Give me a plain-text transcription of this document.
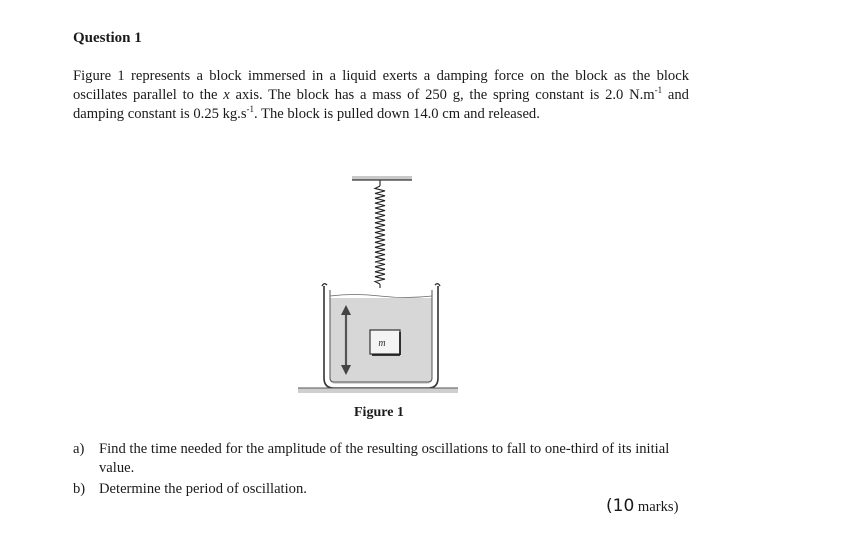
Question 1

Figure 1 represents a block immersed in a liquid exerts a damping force on the block as the block oscillates parallel to the x axis. The block has a mass of 250 g, the spring constant is 2.0 $N.m^{-1}$ and damping constant is 0.25 $kg.s^{-1}$. The block is pulled down 14.0 cm and released.

m
Figure 1
a)	Find the time needed for the amplitude of the resulting oscillations to fall to one-third of its initial value.
b) Determine the period of oscillation.
(10 marks)
